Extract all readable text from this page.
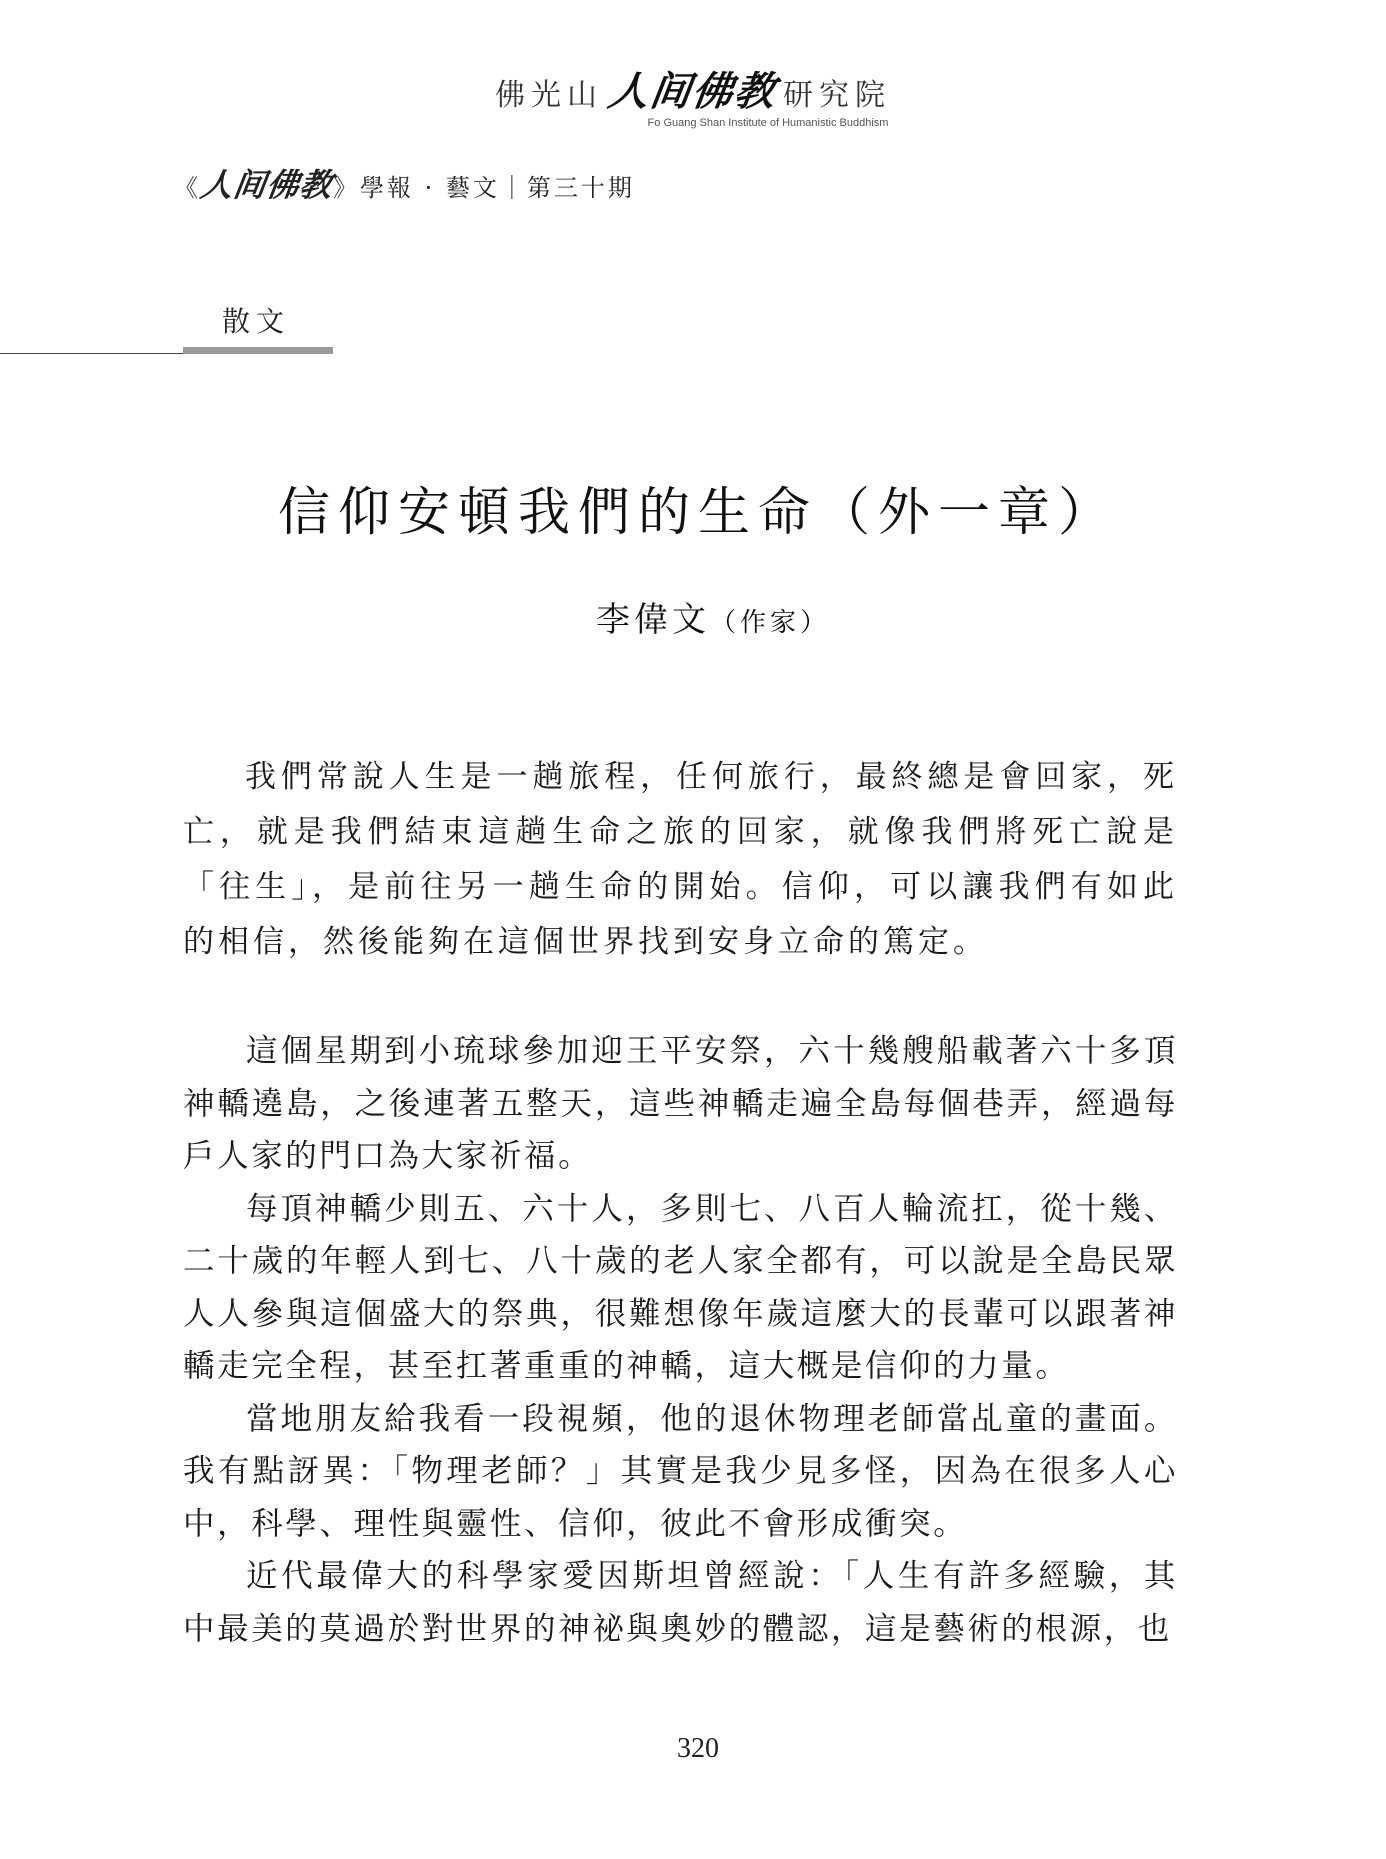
佛光山人间佛教 研究院
Fo Guang Shan Institute of Humanistic Buddhism
《人间佛教》學報 · 藝文｜第三十期
散文
信仰安頓我們的生命（外一章）
李偉文（作家）

我們常說人生是一趟旅程，任何旅行，最終總是會回家，死亡，就是我們結束這趟生命之旅的回家，就像我們將死亡說是「往生」，是前往另一趟生命的開始。信仰，可以讓我們有如此的相信，然後能夠在這個世界找到安身立命的篤定。

這個星期到小琉球參加迎王平安祭，六十幾艘船載著六十多頂神轎遶島，之後連著五整天，這些神轎走遍全島每個巷弄，經過每戶人家的門口為大家祈福。

每頂神轎少則五、六十人，多則七、八百人輪流扛，從十幾、二十歲的年輕人到七、八十歲的老人家全都有，可以說是全島民眾人人參與這個盛大的祭典，很難想像年歲這麼大的長輩可以跟著神轎走完全程，甚至扛著重重的神轎，這大概是信仰的力量。

當地朋友給我看一段視頻，他的退休物理老師當乩童的畫面。我有點訝異：「物理老師？」其實是我少見多怪，因為在很多人心中，科學、理性與靈性、信仰，彼此不會形成衝突。

近代最偉大的科學家愛因斯坦曾經說：「人生有許多經驗，其中最美的莫過於對世界的神祕與奧妙的體認，這是藝術的根源，也

320
